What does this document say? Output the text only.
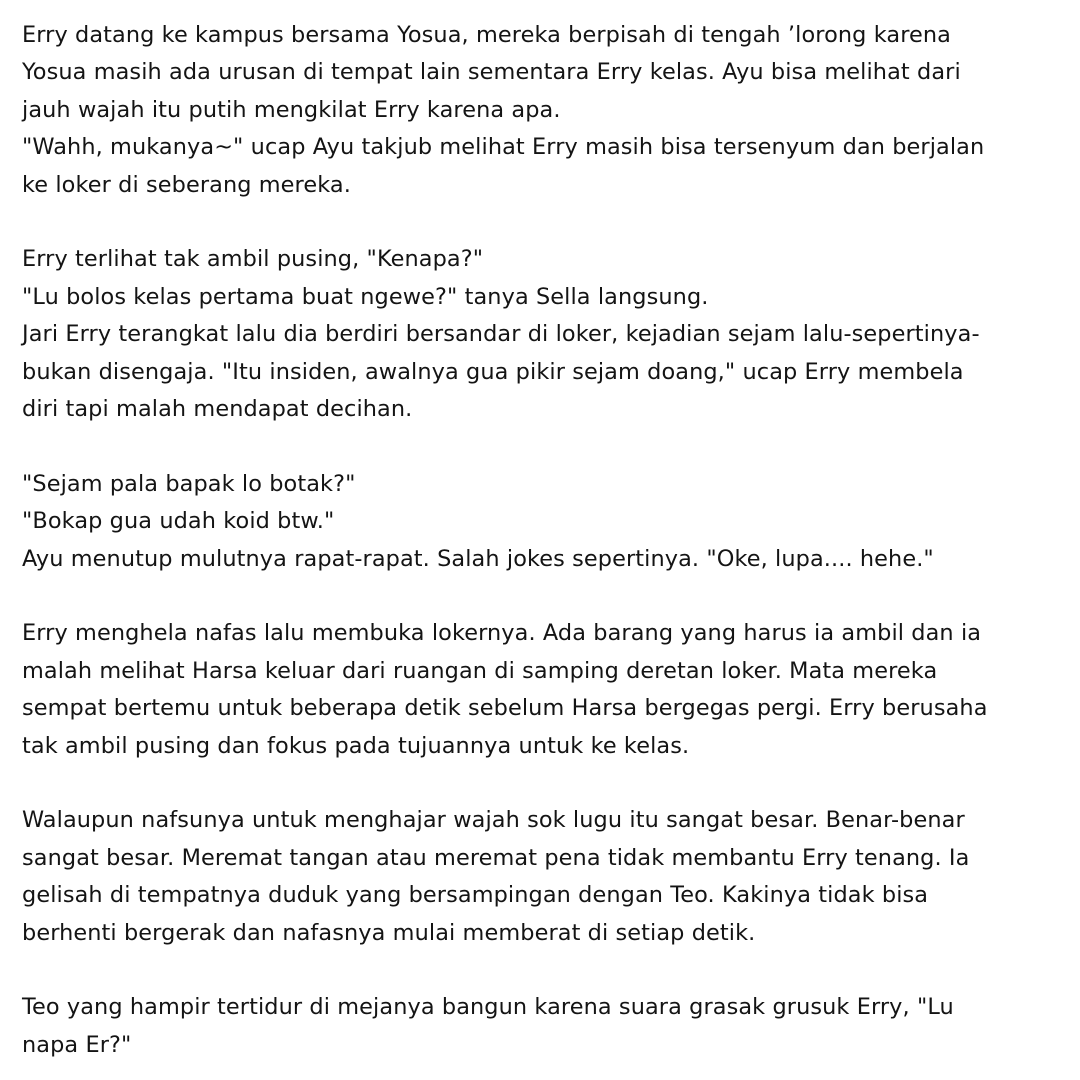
Erry datang ke kampus bersama Yosua, mereka berpisah di tengah ’lorong karena
Yosua masih ada urusan di tempat lain sementara Erry kelas. Ayu bisa melihat dari
jauh wajah itu putih mengkilat Erry karena apa.
"Wahh, mukanya~" ucap Ayu takjub melihat Erry masih bisa tersenyum dan berjalan
ke loker di seberang mereka.
Erry terlihat tak ambil pusing, "Kenapa?"
"Lu bolos kelas pertama buat ngewe?" tanya Sella langsung.
Jari Erry terangkat lalu dia berdiri bersandar di loker, kejadian sejam lalu-sepertinya-
bukan disengaja. "Itu insiden, awalnya gua pikir sejam doang," ucap Erry membela
diri tapi malah mendapat decihan.
"Sejam pala bapak lo botak?"
"Bokap gua udah koid btw."
Ayu menutup mulutnya rapat-rapat. Salah jokes sepertinya. "Oke, lupa.... hehe."
Erry menghela nafas lalu membuka lokernya. Ada barang yang harus ia ambil dan ia
malah melihat Harsa keluar dari ruangan di samping deretan loker. Mata mereka
sempat bertemu untuk beberapa detik sebelum Harsa bergegas pergi. Erry berusaha
tak ambil pusing dan fokus pada tujuannya untuk ke kelas.
Walaupun nafsunya untuk menghajar wajah sok lugu itu sangat besar. Benar-benar
sangat besar. Meremat tangan atau meremat pena tidak membantu Erry tenang. Ia
gelisah di tempatnya duduk yang bersampingan dengan Teo. Kakinya tidak bisa
berhenti bergerak dan nafasnya mulai memberat di setiap detik.
Teo yang hampir tertidur di mejanya bangun karena suara grasak grusuk Erry, "Lu
napa Er?"
